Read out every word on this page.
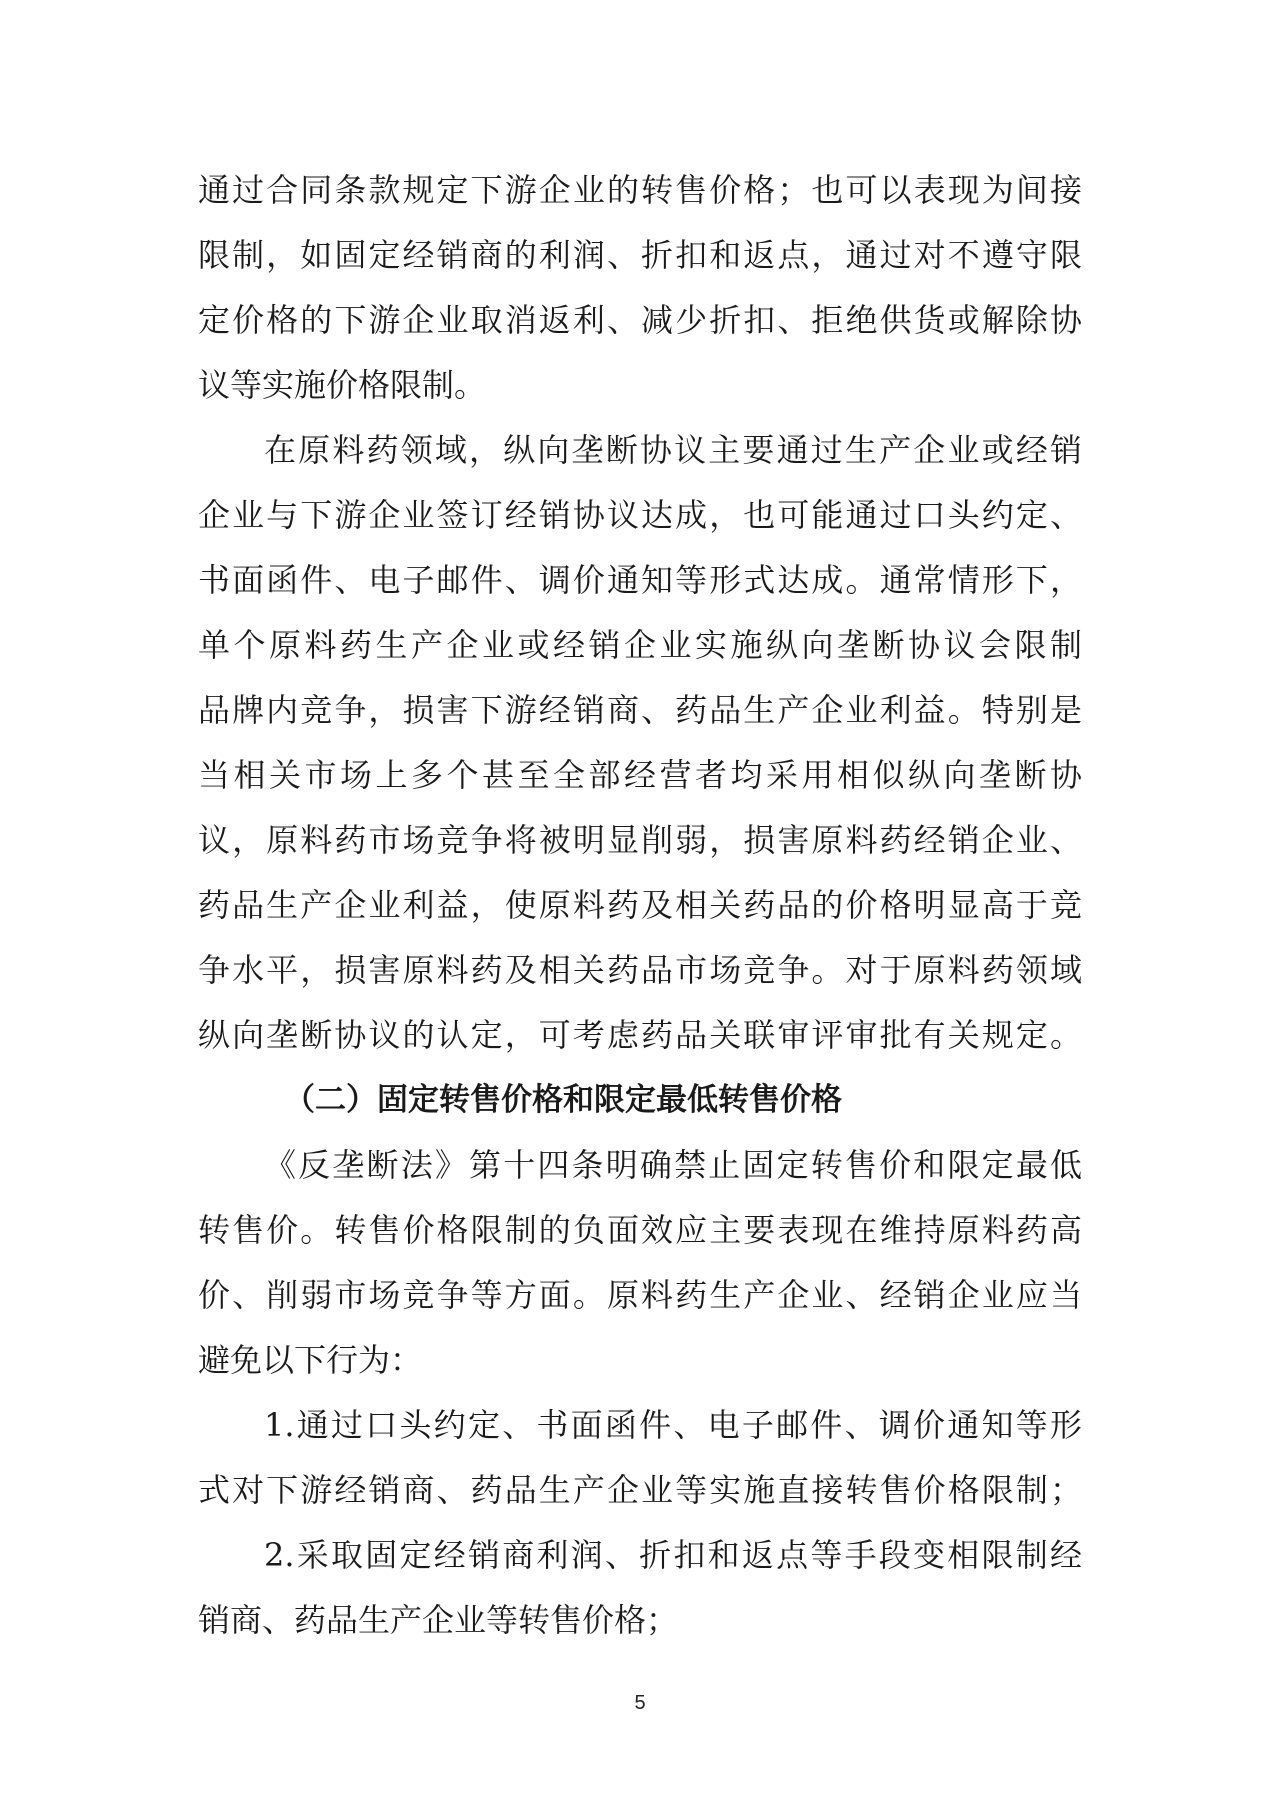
通过合同条款规定下游企业的转售价格；也可以表现为间接
限制，如固定经销商的利润、折扣和返点，通过对不遵守限
定价格的下游企业取消返利、减少折扣、拒绝供货或解除协
议等实施价格限制。
在原料药领域，纵向垄断协议主要通过生产企业或经销
企业与下游企业签订经销协议达成，也可能通过口头约定、
书面函件、电子邮件、调价通知等形式达成。通常情形下，
单个原料药生产企业或经销企业实施纵向垄断协议会限制
品牌内竞争，损害下游经销商、药品生产企业利益。特别是
当相关市场上多个甚至全部经营者均采用相似纵向垄断协
议，原料药市场竞争将被明显削弱，损害原料药经销企业、
药品生产企业利益，使原料药及相关药品的价格明显高于竞
争水平，损害原料药及相关药品市场竞争。对于原料药领域
纵向垄断协议的认定，可考虑药品关联审评审批有关规定。
（二）固定转售价格和限定最低转售价格
《反垄断法》第十四条明确禁止固定转售价和限定最低
转售价。转售价格限制的负面效应主要表现在维持原料药高
价、削弱市场竞争等方面。原料药生产企业、经销企业应当
避免以下行为：
1.通过口头约定、书面函件、电子邮件、调价通知等形
式对下游经销商、药品生产企业等实施直接转售价格限制；
2.采取固定经销商利润、折扣和返点等手段变相限制经
销商、药品生产企业等转售价格；
5
